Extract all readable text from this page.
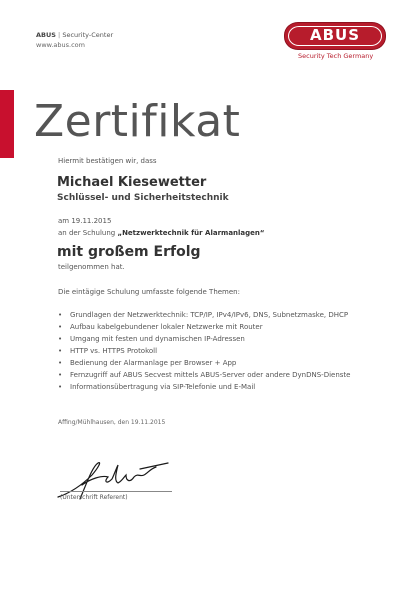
ABUS | Security-Center
www.abus.com
ABUS
Security Tech Germany
Zertifikat
Hiermit bestätigen wir, dass
Michael Kiesewetter
Schlüssel- und Sicherheitstechnik
am 19.11.2015
an der Schulung „Netzwerktechnik für Alarmanlagen“
mit großem Erfolg
teilgenommen hat.
Die eintägige Schulung umfasste folgende Themen:
• Grundlagen der Netzwerktechnik: TCP/IP, IPv4/IPv6, DNS, Subnetzmaske, DHCP
• Aufbau kabelgebundener lokaler Netzwerke mit Router
• Umgang mit festen und dynamischen IP-Adressen
• HTTP vs. HTTPS Protokoll
• Bedienung der Alarmanlage per Browser + App
• Fernzugriff auf ABUS Secvest mittels ABUS-Server oder andere DynDNS-Dienste
• Informationsübertragung via SIP-Telefonie und E-Mail
Affing/Mühlhausen, den 19.11.2015
(Unterschrift Referent)
